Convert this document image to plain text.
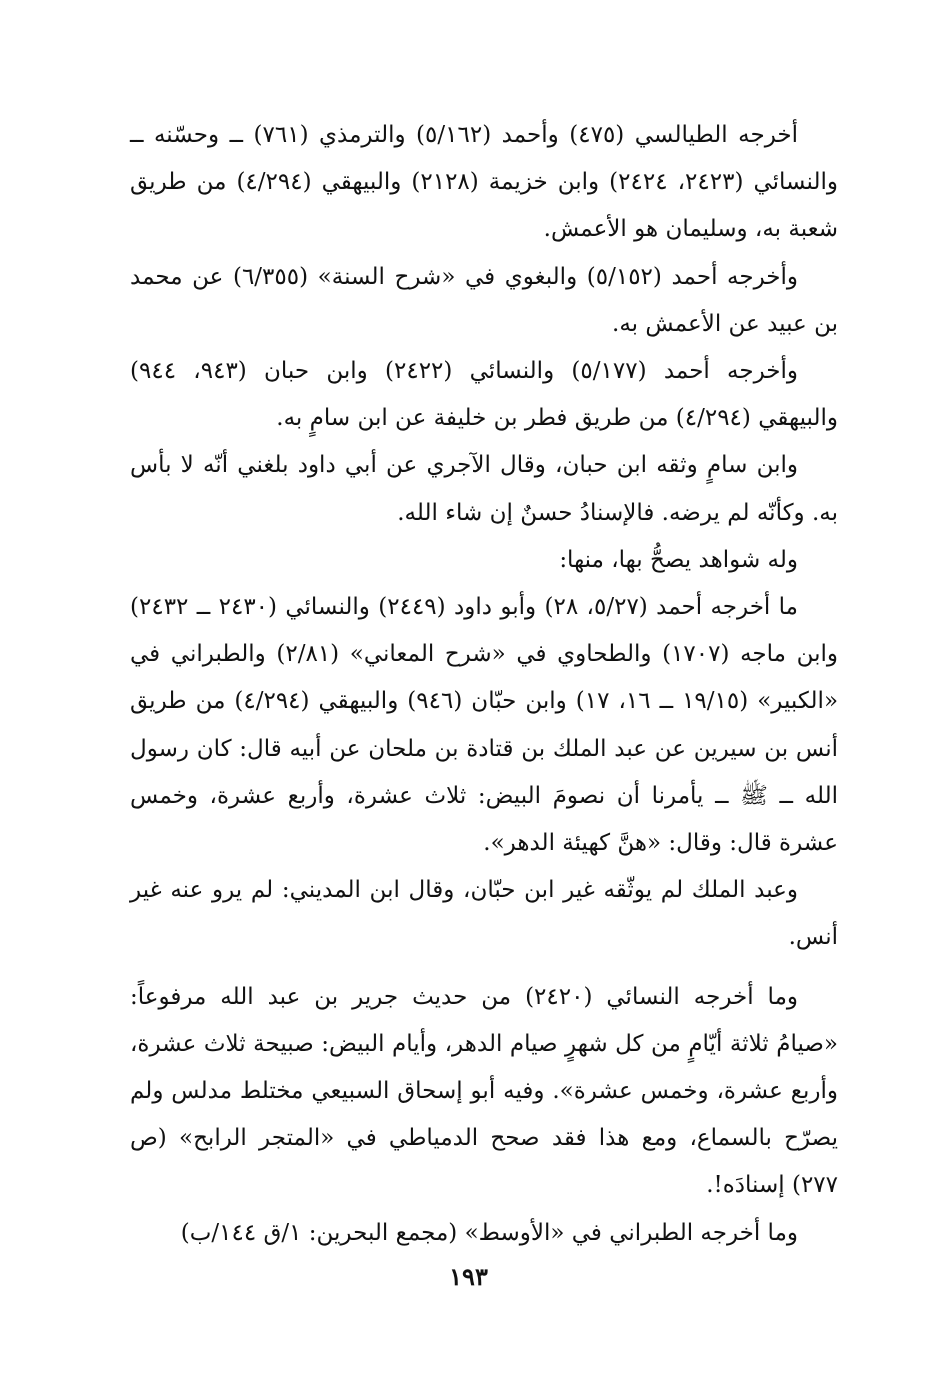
أخرجه الطيالسي (٤٧٥) وأحمد (٥/١٦٢) والترمذي (٧٦١) ــ وحسّنه ــ والنسائي (٢٤٢٣، ٢٤٢٤) وابن خزيمة (٢١٢٨) والبيهقي (٤/٢٩٤) من طريق شعبة به، وسليمان هو الأعمش.

وأخرجه أحمد (٥/١٥٢) والبغوي في «شرح السنة» (٦/٣٥٥) عن محمد بن عبيد عن الأعمش به.

وأخرجه أحمد (٥/١٧٧) والنسائي (٢٤٢٢) وابن حبان (٩٤٣، ٩٤٤) والبيهقي (٤/٢٩٤) من طريق فطر بن خليفة عن ابن سامٍ به.

وابن سامٍ وثقه ابن حبان، وقال الآجري عن أبي داود بلغني أنّه لا بأس به. وكأنّه لم يرضه. فالإسنادُ حسنٌ إن شاء الله.

وله شواهد يصحُّ بها، منها:

ما أخرجه أحمد (٥/٢٧، ٢٨) وأبو داود (٢٤٤٩) والنسائي (٢٤٣٠ ــ ٢٤٣٢) وابن ماجه (١٧٠٧) والطحاوي في «شرح المعاني» (٢/٨١) والطبراني في «الكبير» (١٩/١٥ ــ ١٦، ١٧) وابن حبّان (٩٤٦) والبيهقي (٤/٢٩٤) من طريق أنس بن سيرين عن عبد الملك بن قتادة بن ملحان عن أبيه قال: كان رسول الله ــ ﷺ ــ يأمرنا أن نصومَ البيض: ثلاث عشرة، وأربع عشرة، وخمس عشرة قال: وقال: «هنَّ كهيئة الدهر».

وعبد الملك لم يوثّقه غير ابن حبّان، وقال ابن المديني: لم يرو عنه غير أنس.

وما أخرجه النسائي (٢٤٢٠) من حديث جرير بن عبد الله مرفوعاً: «صيامُ ثلاثة أيّامٍ من كل شهرٍ صيام الدهر، وأيام البيض: صبيحة ثلاث عشرة، وأربع عشرة، وخمس عشرة». وفيه أبو إسحاق السبيعي مختلط مدلس ولم يصرّح بالسماع، ومع هذا فقد صحح الدمياطي في «المتجر الرابح» (ص ٢٧٧) إسنادَه!.

وما أخرجه الطبراني في «الأوسط» (مجمع البحرين: ١/ق ١٤٤/ب)

١٩٣
